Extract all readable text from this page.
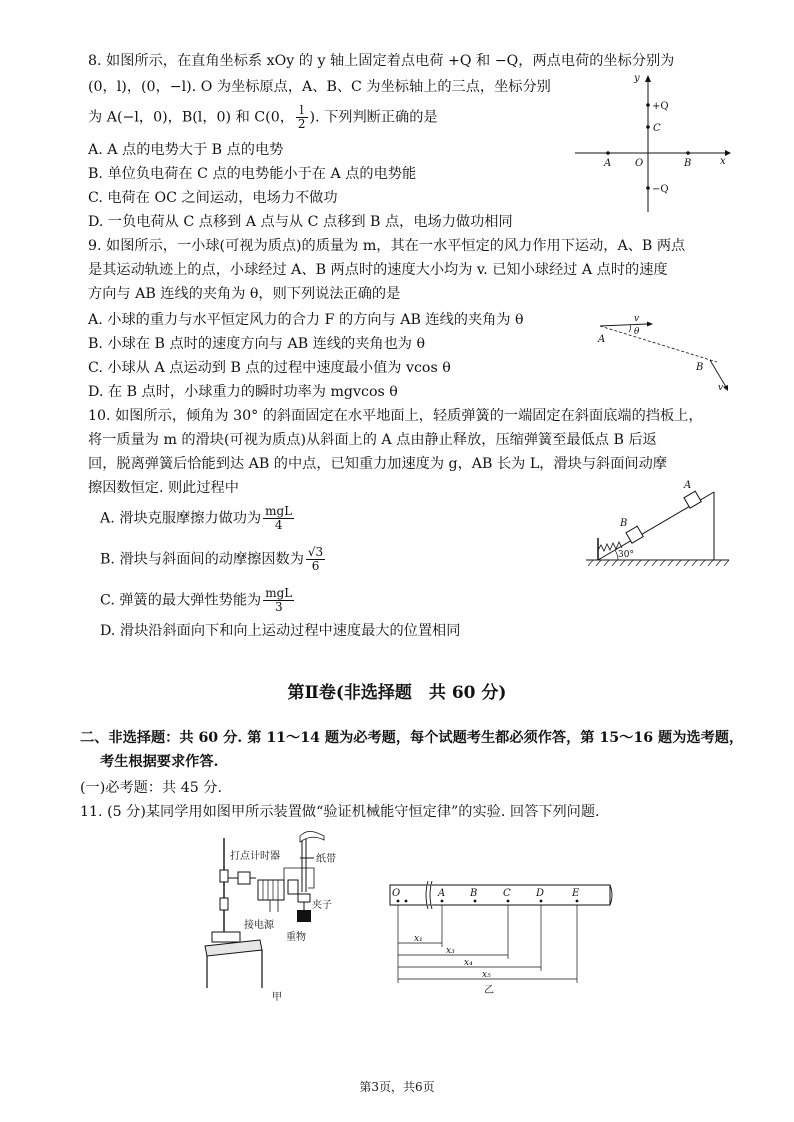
8. 如图所示，在直角坐标系 xOy 的 y 轴上固定着点电荷 +Q 和 −Q，两点电荷的坐标分别为
(0，l)，(0，−l). O 为坐标原点，A、B、C 为坐标轴上的三点，坐标分别
为 A(−l，0)，B(l，0) 和 C(0， $\frac{l}{2}$ ). 下列判断正确的是
A. A 点的电势大于 B 点的电势
B. 单位负电荷在 C 点的电势能小于在 A 点的电势能
C. 电荷在 OC 之间运动，电场力不做功
D. 一负电荷从 C 点移到 A 点与从 C 点移到 B 点，电场力做功相同
y
x
+Q
C
A O	B
−Q
9. 如图所示，一小球(可视为质点)的质量为 m，其在一水平恒定的风力作用下运动，A、B 两点
是其运动轨迹上的点，小球经过 A、B 两点时的速度大小均为 v. 已知小球经过 A 点时的速度
方向与 AB 连线的夹角为 θ，则下列说法正确的是
A. 小球的重力与水平恒定风力的合力 F 的方向与 AB 连线的夹角为 θ
B. 小球在 B 点时的速度方向与 AB 连线的夹角也为 θ
C. 小球从 A 点运动到 B 点的过程中速度最小值为 vcos θ
D. 在 B 点时，小球重力的瞬时功率为 mgvcos θ
v
θ
A
B
v
10. 如图所示，倾角为 30° 的斜面固定在水平地面上，轻质弹簧的一端固定在斜面底端的挡板上，
将一质量为 m 的滑块(可视为质点)从斜面上的 A 点由静止释放，压缩弹簧至最低点 B 后返
回，脱离弹簧后恰能到达 AB 的中点，已知重力加速度为 g，AB 长为 L，滑块与斜面间动摩
擦因数恒定. 则此过程中
A. 滑块克服摩擦力做功为 $\frac{\text{mgL}}{4}$
B. 滑块与斜面间的动摩擦因数为 $\frac{√3}{6}$
C. 弹簧的最大弹性势能为 $\frac{\text{mgL}}{3}$
D. 滑块沿斜面向下和向上运动过程中速度最大的位置相同
B
A
30°
第Ⅱ卷(非选择题　共 60 分)
二、非选择题：共 60 分. 第 11～14 题为必考题，每个试题考生都必须作答，第 15～16 题为选考题，
考生根据要求作答.
(一)必考题：共 45 分.
11. (5 分)某同学用如图甲所示装置做“验证机械能守恒定律”的实验. 回答下列问题.
打点计时器	纸带
接电源
夹子
重物
甲
O	A B	C	D	E
x₁
x₃
x₄
x₅
乙
第3页，共6页
